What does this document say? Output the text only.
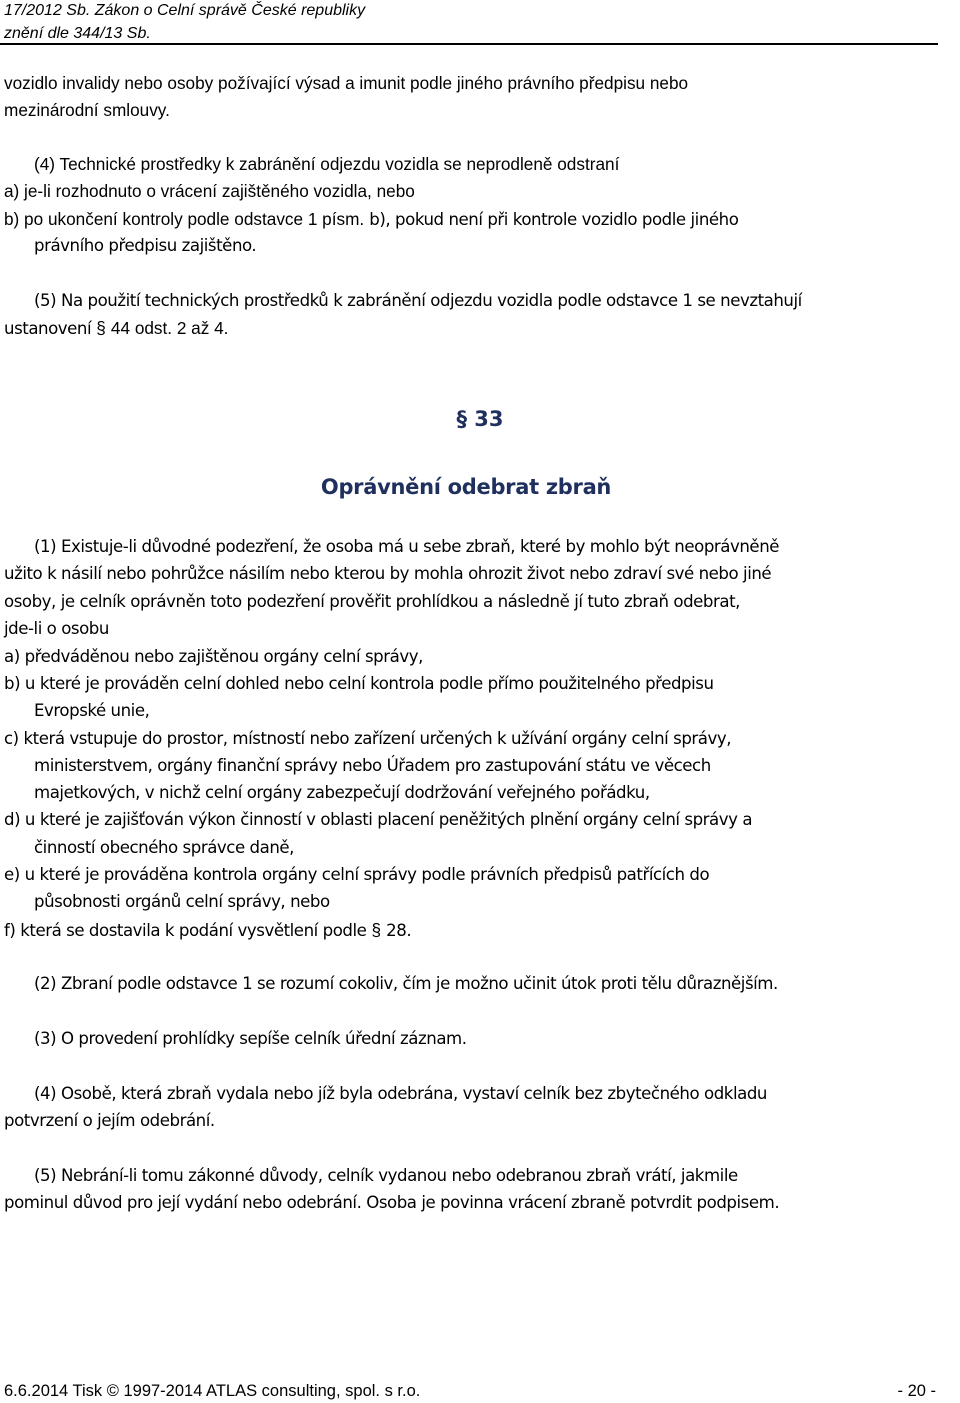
17/2012 Sb. Zákon o Celní správě České republiky
znění dle 344/13 Sb.

vozidlo invalidy nebo osoby požívající výsad a imunit podle jiného právního předpisu nebo

mezinárodní smlouvy.

(4) Technické prostředky k zabránění odjezdu vozidla se neprodleně odstraní

a) je-li rozhodnuto o vrácení zajištěného vozidla, nebo

b) po ukončení kontroly podle odstavce 1 písm. b), pokud není při kontrole vozidlo podle jiného

právního předpisu zajištěno.

(5) Na použití technických prostředků k zabránění odjezdu vozidla podle odstavce 1 se nevztahují

ustanovení § 44 odst. 2 až 4.

§ 33
Oprávnění odebrat zbraň

(1) Existuje-li důvodné podezření, že osoba má u sebe zbraň, které by mohlo být neoprávněně

užito k násilí nebo pohrůžce násilím nebo kterou by mohla ohrozit život nebo zdraví své nebo jiné

osoby, je celník oprávněn toto podezření prověřit prohlídkou a následně jí tuto zbraň odebrat,

jde-li o osobu

a) předváděnou nebo zajištěnou orgány celní správy,

b) u které je prováděn celní dohled nebo celní kontrola podle přímo použitelného předpisu

Evropské unie,

c) která vstupuje do prostor, místností nebo zařízení určených k užívání orgány celní správy,

ministerstvem, orgány finanční správy nebo Úřadem pro zastupování státu ve věcech

majetkových, v nichž celní orgány zabezpečují dodržování veřejného pořádku,

d) u které je zajišťován výkon činností v oblasti placení peněžitých plnění orgány celní správy a

činností obecného správce daně,

e) u které je prováděna kontrola orgány celní správy podle právních předpisů patřících do

působnosti orgánů celní správy, nebo

f) která se dostavila k podání vysvětlení podle § 28.

(2) Zbraní podle odstavce 1 se rozumí cokoliv, čím je možno učinit útok proti tělu důraznějším.

(3) O provedení prohlídky sepíše celník úřední záznam.

(4) Osobě, která zbraň vydala nebo jíž byla odebrána, vystaví celník bez zbytečného odkladu

potvrzení o jejím odebrání.

(5) Nebrání-li tomu zákonné důvody, celník vydanou nebo odebranou zbraň vrátí, jakmile

pominul důvod pro její vydání nebo odebrání. Osoba je povinna vrácení zbraně potvrdit podpisem.

6.6.2014 Tisk © 1997-2014 ATLAS consulting, spol. s r.o.	- 20 -
